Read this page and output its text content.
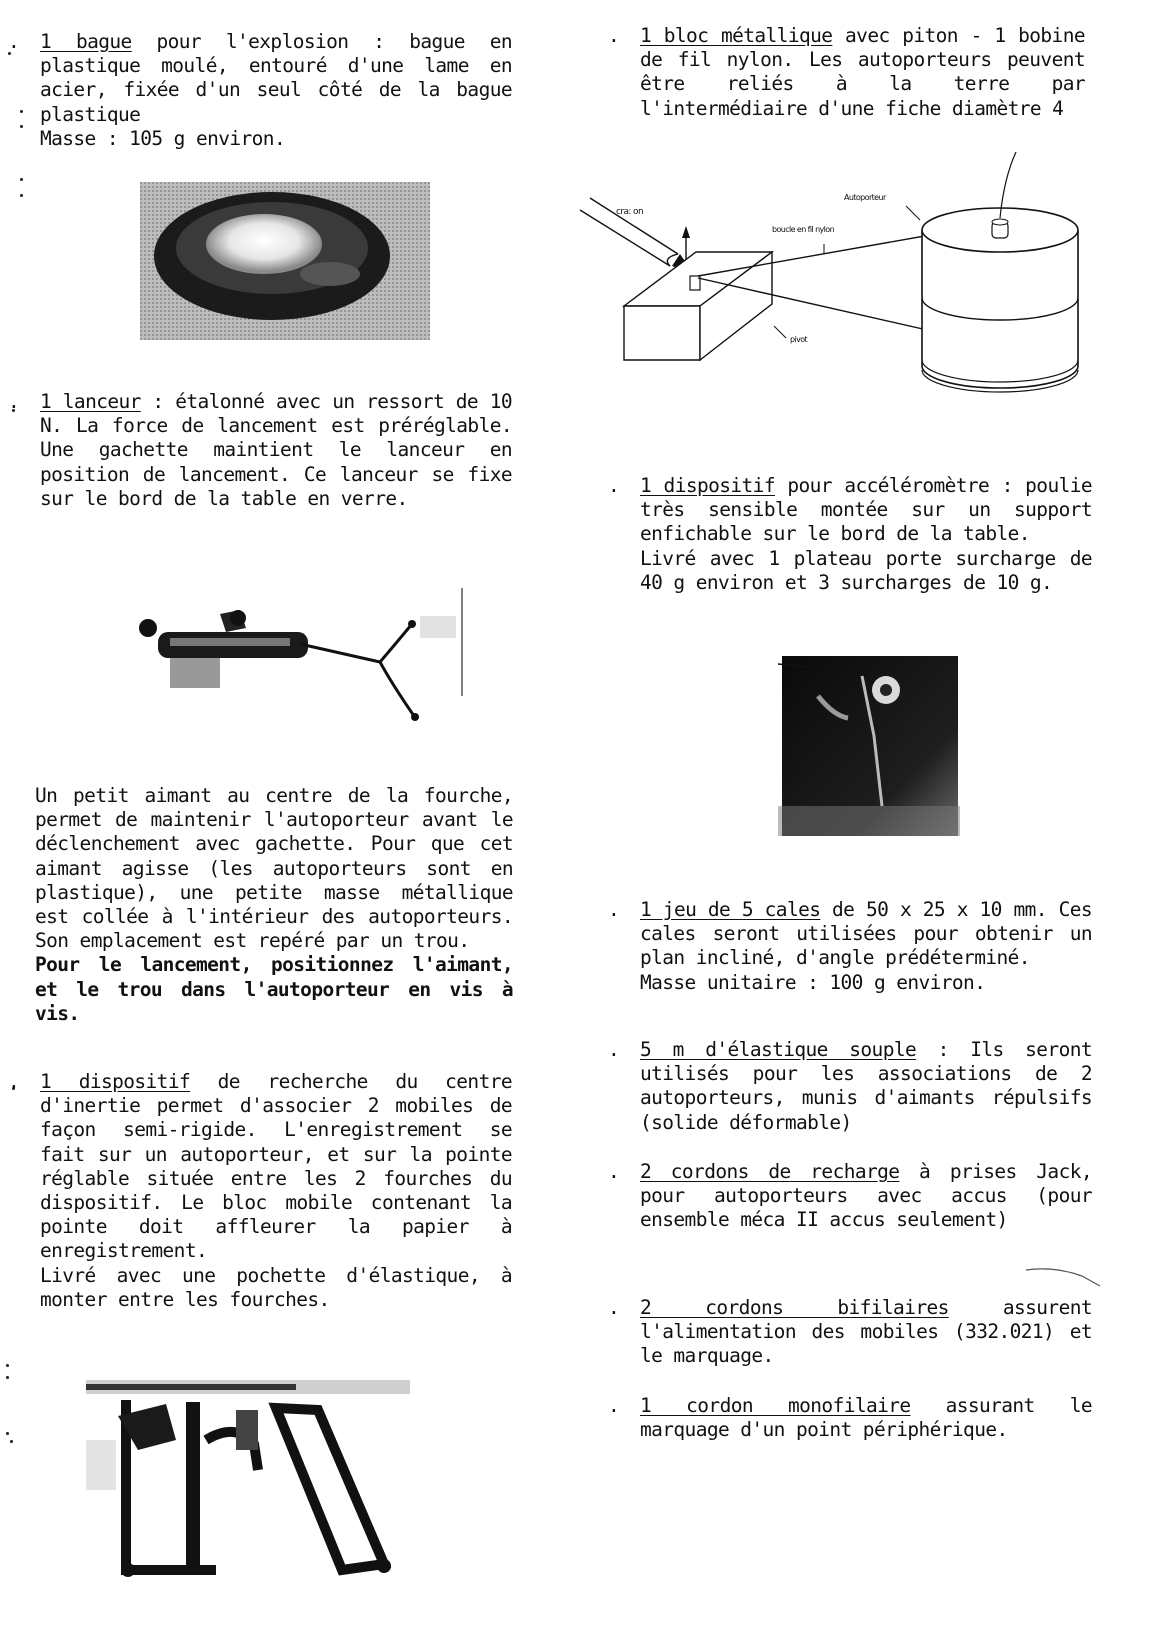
. 1 bague pour l'explosion : bague en plastique moulé, entouré d'une lame en acier, fixée d'un seul côté de la bague plastique

Masse : 105 g environ.

. 1 lanceur : étalonné avec un ressort de 10 N. La force de lancement est préréglable. Une gachette maintient le lanceur en position de lancement. Ce lanceur se fixe sur le bord de la table en verre.

Un petit aimant au centre de la fourche, permet de maintenir l'autoporteur avant le déclenchement avec gachette. Pour que cet aimant agisse (les autoporteurs sont en plastique), une petite masse métallique est collée à l'intérieur des autoporteurs. Son emplacement est repéré par un trou.

Pour le lancement, positionnez l'aimant, et le trou dans l'autoporteur en vis à vis.

. 1 dispositif de recherche du centre d'inertie permet d'associer 2 mobiles de façon semi-rigide. L'enregistrement se fait sur un autoporteur, et sur la pointe réglable située entre les 2 fourches du dispositif. Le bloc mobile contenant la pointe doit affleurer la papier à enregistrement.

Livré avec une pochette d'élastique, à monter entre les fourches.

. 1 bloc métallique avec piton - 1 bobine de fil nylon. Les autoporteurs peuvent être reliés à la terre par l'intermédiaire d'une fiche diamètre 4

cra: on
boucle en fil nylon
pivot
Autoporteur
. 1 dispositif pour accéléromètre : poulie très sensible montée sur un support enfichable sur le bord de la table.

Livré avec 1 plateau porte surcharge de 40 g environ et 3 surcharges de 10 g.

. 1 jeu de 5 cales de 50 x 25 x 10 mm. Ces cales seront utilisées pour obtenir un plan incliné, d'angle prédéterminé.

Masse unitaire : 100 g environ.

. 5 m d'élastique souple : Ils seront utilisés pour les associations de 2 autoporteurs, munis d'aimants répulsifs (solide déformable)

. 2 cordons de recharge à prises Jack, pour autoporteurs avec accus (pour ensemble méca II accus seulement)

. 2 cordons bifilaires assurent l'alimentation des mobiles (332.021) et le marquage.

. 1 cordon monofilaire assurant le marquage d'un point périphérique.
